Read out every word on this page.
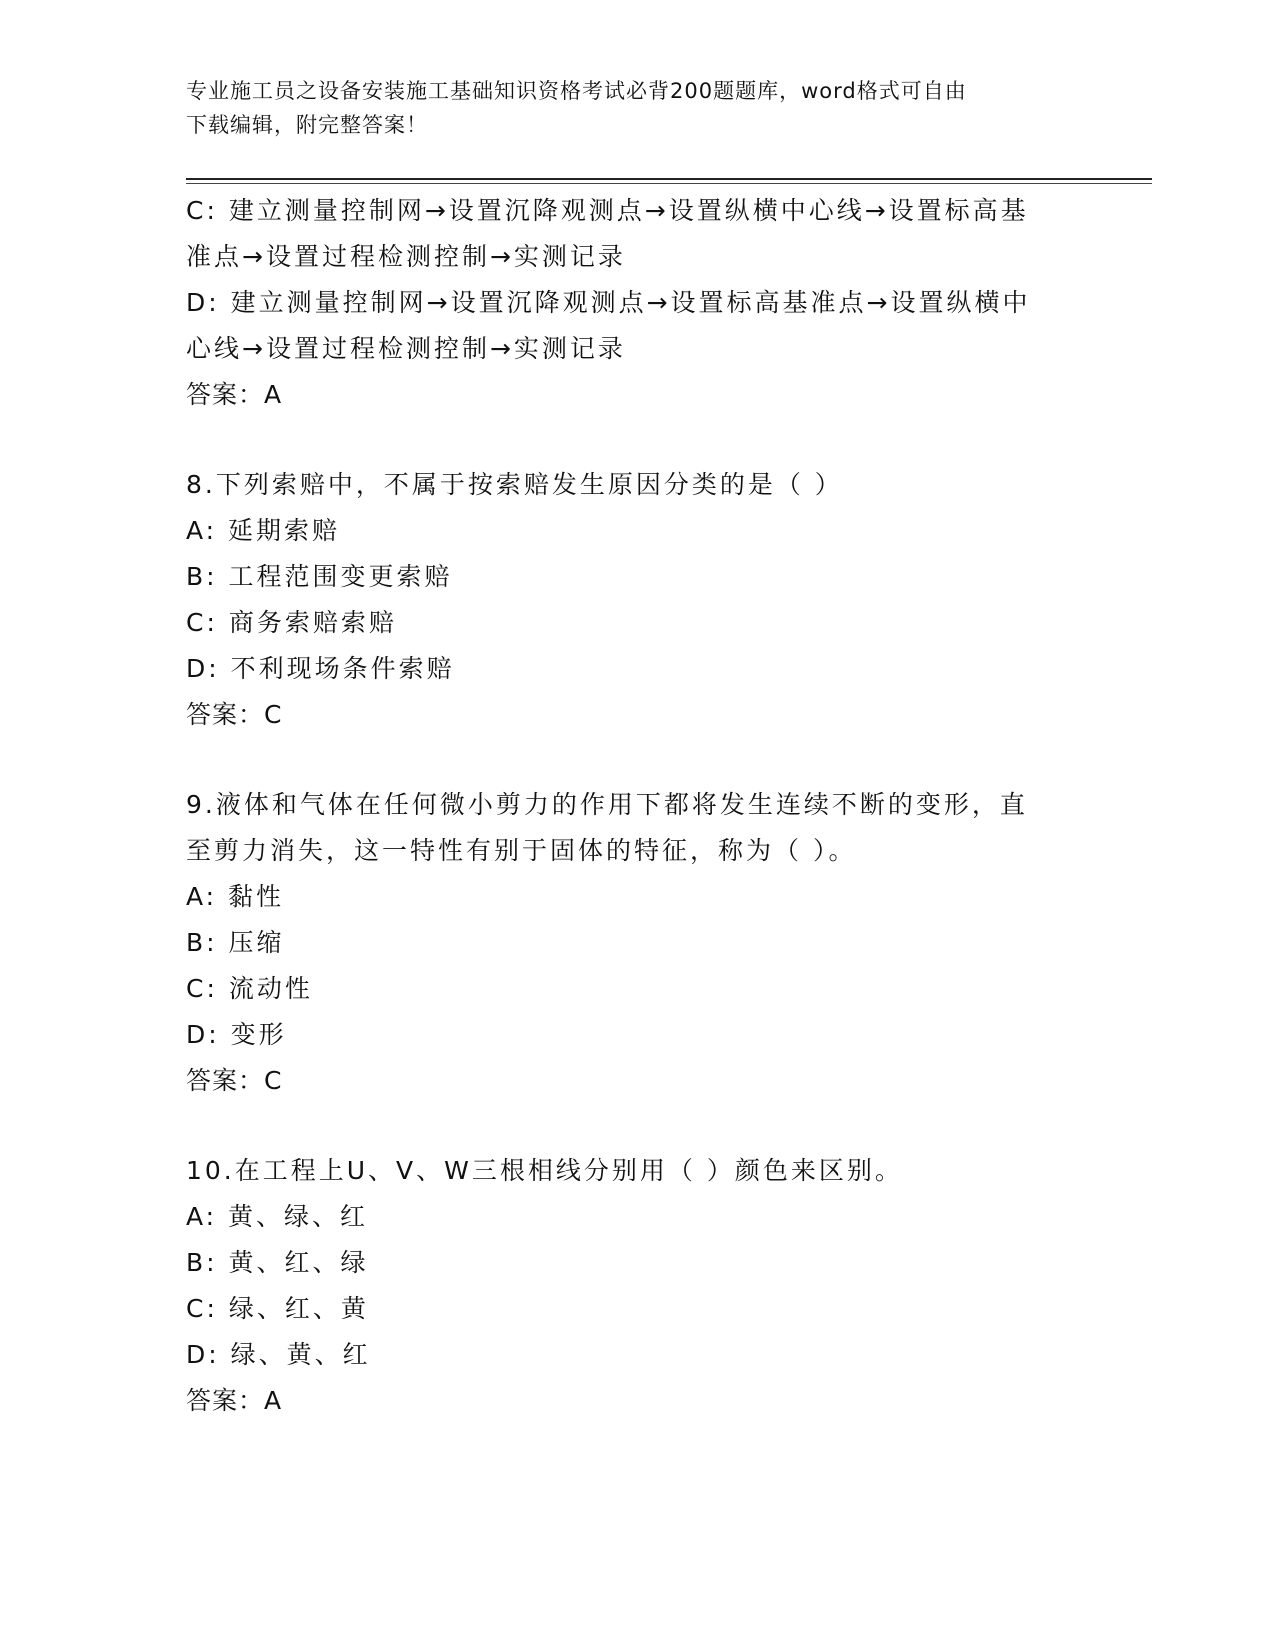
专业施工员之设备安装施工基础知识资格考试必背200题题库，word格式可自由
下载编辑，附完整答案！
C: 建立测量控制网→设置沉降观测点→设置纵横中心线→设置标高基
准点→设置过程检测控制→实测记录
D: 建立测量控制网→设置沉降观测点→设置标高基准点→设置纵横中
心线→设置过程检测控制→实测记录
答案：A
8.下列索赔中，不属于按索赔发生原因分类的是（ ）
A: 延期索赔
B: 工程范围变更索赔
C: 商务索赔索赔
D: 不利现场条件索赔
答案：C
9.液体和气体在任何微小剪力的作用下都将发生连续不断的变形，直
至剪力消失，这一特性有别于固体的特征，称为（ ）。
A: 黏性
B: 压缩
C: 流动性
D: 变形
答案：C
10.在工程上U、V、W三根相线分别用（ ）颜色来区别。
A: 黄、绿、红
B: 黄、红、绿
C: 绿、红、黄
D: 绿、黄、红
答案：A
